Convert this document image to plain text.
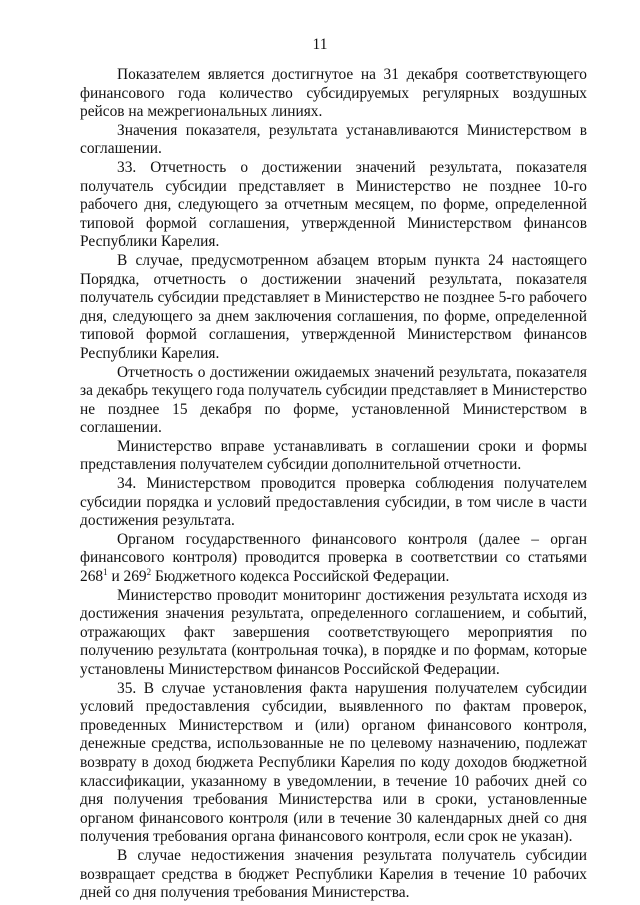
11

Показателем является достигнутое на 31 декабря соответствующего финансового года количество субсидируемых регулярных воздушных рейсов на межрегиональных линиях.

Значения показателя, результата устанавливаются Министерством в соглашении.

33. Отчетность о достижении значений результата, показателя получатель субсидии представляет в Министерство не позднее 10-го рабочего дня, следующего за отчетным месяцем, по форме, определенной типовой формой соглашения, утвержденной Министерством финансов Республики Карелия.

В случае, предусмотренном абзацем вторым пункта 24 настоящего Порядка, отчетность о достижении значений результата, показателя получатель субсидии представляет в Министерство не позднее 5-го рабочего дня, следующего за днем заключения соглашения, по форме, определенной типовой формой соглашения, утвержденной Министерством финансов Республики Карелия.

Отчетность о достижении ожидаемых значений результата, показателя за декабрь текущего года получатель субсидии представляет в Министерство не позднее 15 декабря по форме, установленной Министерством в соглашении.

Министерство вправе устанавливать в соглашении сроки и формы представления получателем субсидии дополнительной отчетности.

34. Министерством проводится проверка соблюдения получателем субсидии порядка и условий предоставления субсидии, в том числе в части достижения результата.

Органом государственного финансового контроля (далее – орган финансового контроля) проводится проверка в соответствии со статьями $268^1$ и $269^2$ Бюджетного кодекса Российской Федерации.

Министерство проводит мониторинг достижения результата исходя из достижения значения результата, определенного соглашением, и событий, отражающих факт завершения соответствующего мероприятия по получению результата (контрольная точка), в порядке и по формам, которые установлены Министерством финансов Российской Федерации.

35. В случае установления факта нарушения получателем субсидии условий предоставления субсидии, выявленного по фактам проверок, проведенных Министерством и (или) органом финансового контроля, денежные средства, использованные не по целевому назначению, подлежат возврату в доход бюджета Республики Карелия по коду доходов бюджетной классификации, указанному в уведомлении, в течение 10 рабочих дней со дня получения требования Министерства или в сроки, установленные органом финансового контроля (или в течение 30 календарных дней со дня получения требования органа финансового контроля, если срок не указан).

В случае недостижения значения результата получатель субсидии возвращает средства в бюджет Республики Карелия в течение 10 рабочих дней со дня получения требования Министерства.
